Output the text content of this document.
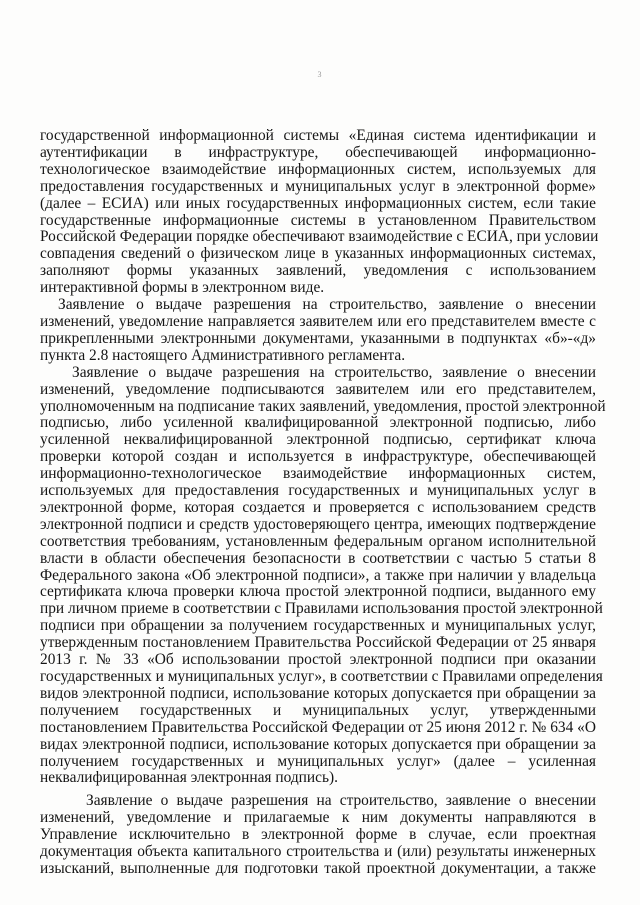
3

государственной информационной системы «Единая система идентификации и
аутентификации в инфраструктуре, обеспечивающей информационно-
технологическое взаимодействие информационных систем, используемых для
предоставления государственных и муниципальных услуг в электронной форме»
(далее – ЕСИА) или иных государственных информационных систем, если такие
государственные информационные системы в установленном Правительством
Российской Федерации порядке обеспечивают взаимодействие с ЕСИА, при условии
совпадения сведений о физическом лице в указанных информационных системах,
заполняют формы указанных заявлений, уведомления с использованием
интерактивной формы в электронном виде.

Заявление о выдаче разрешения на строительство, заявление о внесении
изменений, уведомление направляется заявителем или его представителем вместе с
прикрепленными электронными документами, указанными в подпунктах «б»-«д»
пункта 2.8 настоящего Административного регламента.

Заявление о выдаче разрешения на строительство, заявление о внесении
изменений, уведомление подписываются заявителем или его представителем,
уполномоченным на подписание таких заявлений, уведомления, простой электронной
подписью, либо усиленной квалифицированной электронной подписью, либо
усиленной неквалифицированной электронной подписью, сертификат ключа
проверки которой создан и используется в инфраструктуре, обеспечивающей
информационно-технологическое взаимодействие информационных систем,
используемых для предоставления государственных и муниципальных услуг в
электронной форме, которая создается и проверяется с использованием средств
электронной подписи и средств удостоверяющего центра, имеющих подтверждение
соответствия требованиям, установленным федеральным органом исполнительной
власти в области обеспечения безопасности в соответствии с частью 5 статьи 8
Федерального закона «Об электронной подписи», а также при наличии у владельца
сертификата ключа проверки ключа простой электронной подписи, выданного ему
при личном приеме в соответствии с Правилами использования простой электронной
подписи при обращении за получением государственных и муниципальных услуг,
утвержденным постановлением Правительства Российской Федерации от 25 января
2013 г. № 33 «Об использовании простой электронной подписи при оказании
государственных и муниципальных услуг», в соответствии с Правилами определения
видов электронной подписи, использование которых допускается при обращении за
получением государственных и муниципальных услуг, утвержденными
постановлением Правительства Российской Федерации от 25 июня 2012 г. № 634 «О
видах электронной подписи, использование которых допускается при обращении за
получением государственных и муниципальных услуг» (далее – усиленная
неквалифицированная электронная подпись).

Заявление о выдаче разрешения на строительство, заявление о внесении
изменений, уведомление и прилагаемые к ним документы направляются в
Управление исключительно в электронной форме в случае, если проектная
документация объекта капитального строительства и (или) результаты инженерных
изысканий, выполненные для подготовки такой проектной документации, а также
